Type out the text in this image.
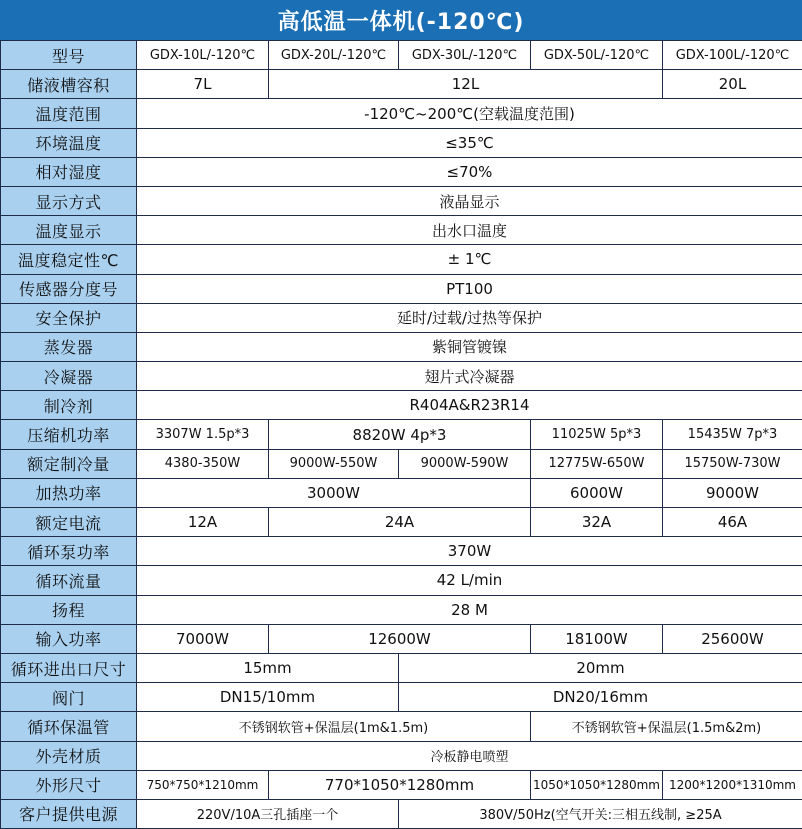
高低温一体机(-120℃)
型号	GDX-10L/-120℃	GDX-20L/-120℃	GDX-30L/-120℃	GDX-50L/-120℃	GDX-100L/-120℃
储液槽容积	7L	12L			20L
温度范围	-120℃~200℃(空载温度范围)				
环境温度	≤35℃				
相对湿度	≤70%				
显示方式	液晶显示				
温度显示	出水口温度				
温度稳定性℃	± 1℃				
传感器分度号	PT100				
安全保护	延时/过载/过热等保护				
蒸发器	紫铜管镀镍				
冷凝器	翅片式冷凝器				
制冷剂	R404A&R23R14				
压缩机功率	3307W 1.5p*3	8820W 4p*3		11025W 5p*3	15435W 7p*3
额定制冷量	4380-350W	9000W-550W	9000W-590W	12775W-650W	15750W-730W
加热功率	3000W			6000W	9000W
额定电流	12A	24A		32A	46A
循环泵功率	370W				
循环流量	42 L/min				
扬程	28 M				
输入功率	7000W	12600W		18100W	25600W
循环进出口尺寸	15mm		20mm		
阀门	DN15/10mm		DN20/16mm		
循环保温管	不锈钢软管+保温层(1m&1.5m)			不锈钢软管+保温层(1.5m&2m)	
外壳材质	冷板静电喷塑				
外形尺寸	750*750*1210mm	770*1050*1280mm		1050*1050*1280mm	1200*1200*1310mm
客户提供电源	220V/10A三孔插座一个		380V/50Hz(空气开关:三相五线制, ≥25A		
